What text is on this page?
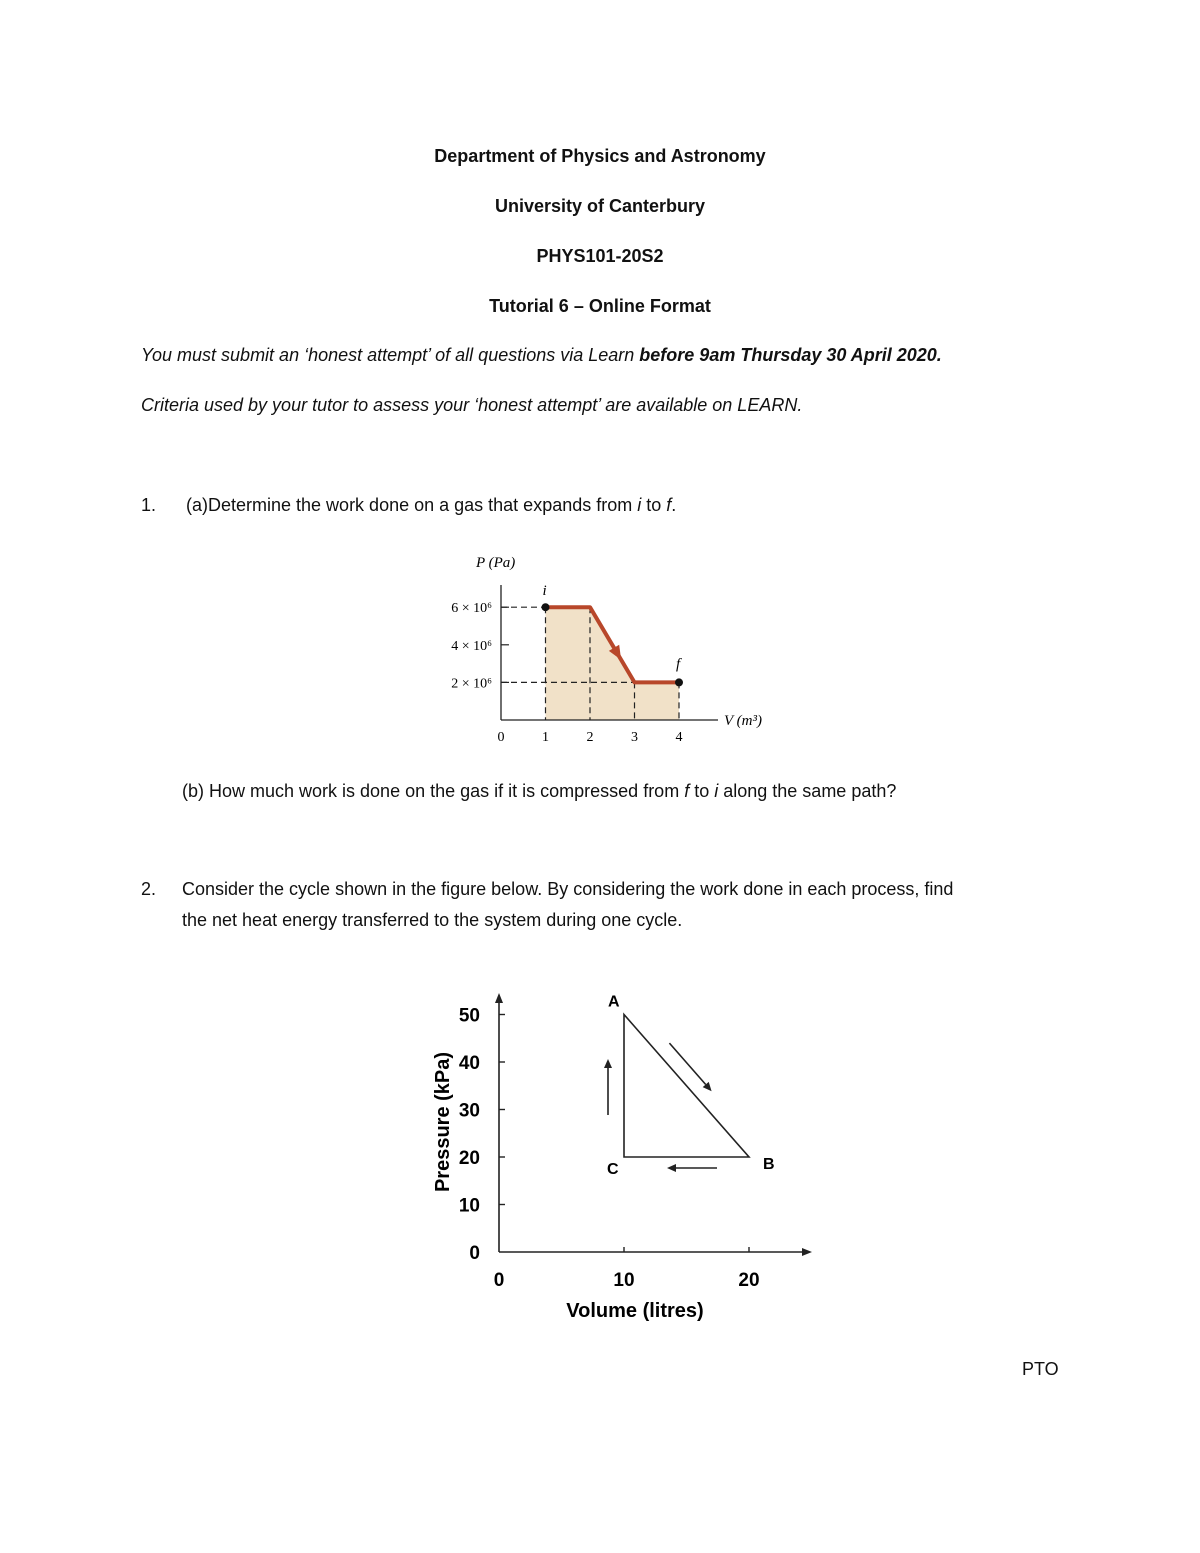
Department of Physics and Astronomy
University of Canterbury
PHYS101-20S2
Tutorial 6 – Online Format
You must submit an ‘honest attempt’ of all questions via Learn before 9am Thursday 30 April 2020.
Criteria used by your tutor to assess your ‘honest attempt’ are available on LEARN.
1. (a)Determine the work done on a gas that expands from i to f.
P (Pa)
2 × 10⁶
4 × 10⁶
6 × 10⁶
0	1	2	3	4
i
f
V (m³)
(b) How much work is done on the gas if it is compressed from f to i along the same path?
2. Consider the cycle shown in the figure below. By considering the work done in each process, find
the net heat energy transferred to the system during one cycle.
Pressure (kPa)
0
10
20
30
40
50
0	10	20
A
B
C
Volume (litres)
PTO
